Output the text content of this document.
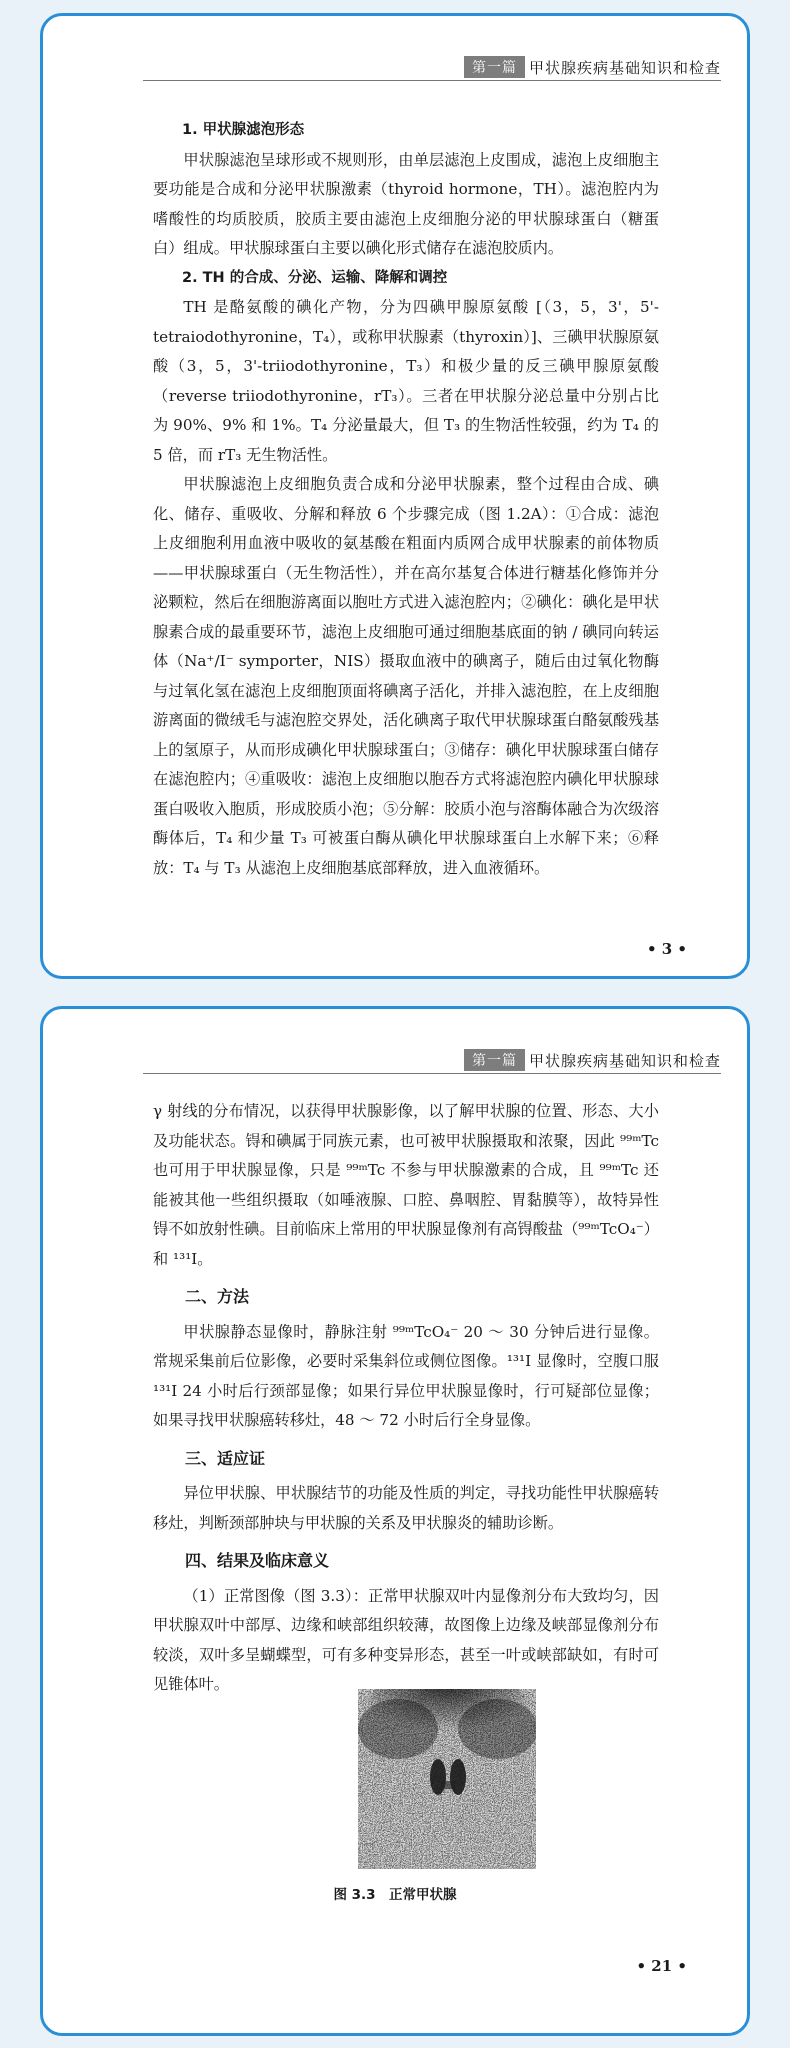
第一篇 甲状腺疾病基础知识和检查

1. 甲状腺滤泡形态

甲状腺滤泡呈球形或不规则形，由单层滤泡上皮围成，滤泡上皮细胞主要功能是合成和分泌甲状腺激素（thyroid hormone，TH）。滤泡腔内为嗜酸性的均质胶质，胶质主要由滤泡上皮细胞分泌的甲状腺球蛋白（糖蛋白）组成。甲状腺球蛋白主要以碘化形式储存在滤泡胶质内。

2. TH 的合成、分泌、运输、降解和调控

TH 是酪氨酸的碘化产物，分为四碘甲腺原氨酸 [（3，5，3'，5'-tetraiodothyronine，T₄），或称甲状腺素（thyroxin）]、三碘甲状腺原氨酸（3，5，3'-triiodothyronine，T₃）和极少量的反三碘甲腺原氨酸（reverse triiodothyronine，rT₃）。三者在甲状腺分泌总量中分别占比为 90%、9% 和 1%。T₄ 分泌量最大，但 T₃ 的生物活性较强，约为 T₄ 的 5 倍，而 rT₃ 无生物活性。

甲状腺滤泡上皮细胞负责合成和分泌甲状腺素，整个过程由合成、碘化、储存、重吸收、分解和释放 6 个步骤完成（图 1.2A）：①合成：滤泡上皮细胞利用血液中吸收的氨基酸在粗面内质网合成甲状腺素的前体物质——甲状腺球蛋白（无生物活性），并在高尔基复合体进行糖基化修饰并分泌颗粒，然后在细胞游离面以胞吐方式进入滤泡腔内；②碘化：碘化是甲状腺素合成的最重要环节，滤泡上皮细胞可通过细胞基底面的钠 / 碘同向转运体（Na⁺/I⁻ symporter，NIS）摄取血液中的碘离子，随后由过氧化物酶与过氧化氢在滤泡上皮细胞顶面将碘离子活化，并排入滤泡腔，在上皮细胞游离面的微绒毛与滤泡腔交界处，活化碘离子取代甲状腺球蛋白酪氨酸残基上的氢原子，从而形成碘化甲状腺球蛋白；③储存：碘化甲状腺球蛋白储存在滤泡腔内；④重吸收：滤泡上皮细胞以胞吞方式将滤泡腔内碘化甲状腺球蛋白吸收入胞质，形成胶质小泡；⑤分解：胶质小泡与溶酶体融合为次级溶酶体后，T₄ 和少量 T₃ 可被蛋白酶从碘化甲状腺球蛋白上水解下来；⑥释放：T₄ 与 T₃ 从滤泡上皮细胞基底部释放，进入血液循环。

• 3 •
第一篇 甲状腺疾病基础知识和检查

γ 射线的分布情况，以获得甲状腺影像，以了解甲状腺的位置、形态、大小及功能状态。锝和碘属于同族元素，也可被甲状腺摄取和浓聚，因此 ⁹⁹ᵐTc 也可用于甲状腺显像，只是 ⁹⁹ᵐTc 不参与甲状腺激素的合成，且 ⁹⁹ᵐTc 还能被其他一些组织摄取（如唾液腺、口腔、鼻咽腔、胃黏膜等），故特异性锝不如放射性碘。目前临床上常用的甲状腺显像剂有高锝酸盐（⁹⁹ᵐTcO₄⁻）和 ¹³¹I。

二、方法

甲状腺静态显像时，静脉注射 ⁹⁹ᵐTcO₄⁻ 20 ～ 30 分钟后进行显像。常规采集前后位影像，必要时采集斜位或侧位图像。¹³¹I 显像时，空腹口服 ¹³¹I 24 小时后行颈部显像；如果行异位甲状腺显像时，行可疑部位显像；如果寻找甲状腺癌转移灶，48 ～ 72 小时后行全身显像。

三、适应证

异位甲状腺、甲状腺结节的功能及性质的判定，寻找功能性甲状腺癌转移灶，判断颈部肿块与甲状腺的关系及甲状腺炎的辅助诊断。

四、结果及临床意义

（1）正常图像（图 3.3）：正常甲状腺双叶内显像剂分布大致均匀，因甲状腺双叶中部厚、边缘和峡部组织较薄，故图像上边缘及峡部显像剂分布较淡，双叶多呈蝴蝶型，可有多种变异形态，甚至一叶或峡部缺如，有时可见锥体叶。

图 3.3　正常甲状腺
• 21 •
